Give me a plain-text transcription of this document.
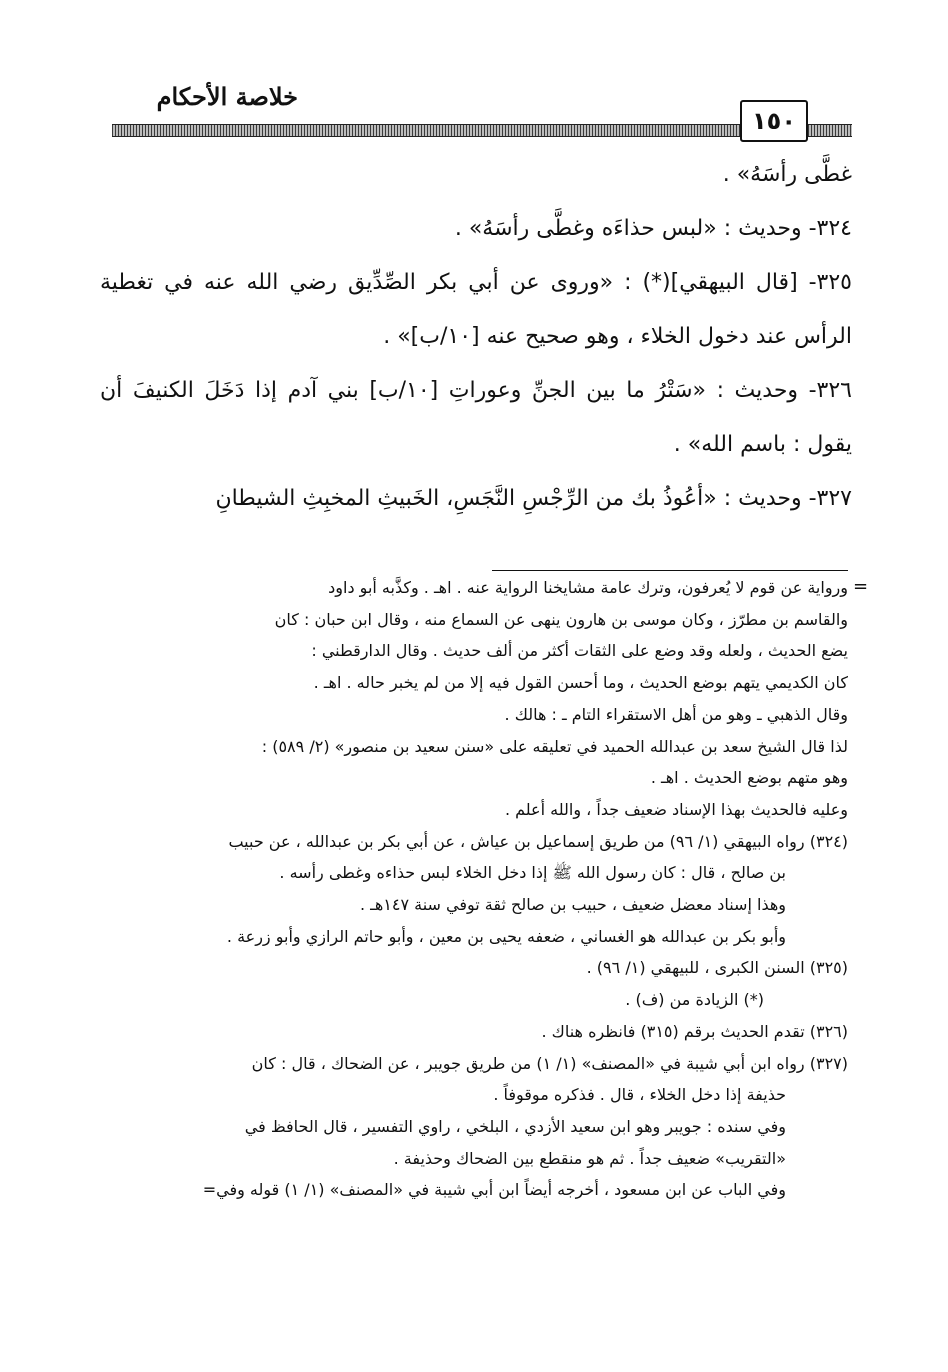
خلاصة الأحكام
١٥٠

غطَّى رأسَهُ» .

٣٢٤- وحديث : «لبس حذاءَه وغطَّى رأسَهُ» .

٣٢٥- [قال البيهقي](*) : «وروى عن أبي بكر الصِّدِّيق رضي الله عنه في تغطية الرأس عند دخول الخلاء ، وهو صحيح عنه [١٠/ب]» .

٣٢٦- وحديث : «سَتْرُ ما بين الجنِّ وعوراتِ [١٠/ب] بني آدم إذا دَخَلَ الكنيفَ أن يقول : باسم الله» .

٣٢٧- وحديث : «أعُوذُ بك من الرِّجْسِ النَّجَسِ، الخَبيثِ المخبِثِ الشيطانِ

=

ورواية عن قوم لا يُعرفون، وترك عامة مشايخنا الرواية عنه . اهـ . وكذَّبه أبو داود

والقاسم بن مطرّز ، وكان موسى بن هارون ينهى عن السماع منه ، وقال ابن حبان : كان

يضع الحديث ، ولعله وقد وضع على الثقات أكثر من ألف حديث . وقال الدارقطني :

كان الكديمي يتهم بوضع الحديث ، وما أحسن القول فيه إلا من لم يخبر حاله . اهـ .

وقال الذهبي ـ وهو من أهل الاستقراء التام ـ : هالك .

لذا قال الشيخ سعد بن عبدالله الحميد في تعليقه على «سنن سعيد بن منصور» (٢/ ٥٨٩) :

وهو متهم بوضع الحديث . اهـ .

وعليه فالحديث بهذا الإسناد ضعيف جداً ، والله أعلم .

(٣٢٤) رواه البيهقي (١/ ٩٦) من طريق إسماعيل بن عياش ، عن أبي بكر بن عبدالله ، عن حبيب

بن صالح ، قال : كان رسول الله ﷺ إذا دخل الخلاء لبس حذاءه وغطى رأسه .

وهذا إسناد معضل ضعيف ، حبيب بن صالح ثقة توفي سنة ١٤٧هـ .

وأبو بكر بن عبدالله هو الغساني ، ضعفه يحيى بن معين ، وأبو حاتم الرازي وأبو زرعة .

(٣٢٥) السنن الكبرى ، للبيهقي (١/ ٩٦) .

(*) الزيادة من (ف) .

(٣٢٦) تقدم الحديث برقم (٣١٥) فانظره هناك .

(٣٢٧) رواه ابن أبي شيبة في «المصنف» (١/ ١) من طريق جويبر ، عن الضحاك ، قال : كان

حذيفة إذا دخل الخلاء ، قال . فذكره موقوفاً .

وفي سنده : جويبر وهو ابن سعيد الأزدي ، البلخي ، راوي التفسير ، قال الحافظ في

«التقريب» ضعيف جداً . ثم هو منقطع بين الضحاك وحذيفة .

وفي الباب عن ابن مسعود ، أخرجه أيضاً ابن أبي شيبة في «المصنف» (١/ ١) قوله وفي=
